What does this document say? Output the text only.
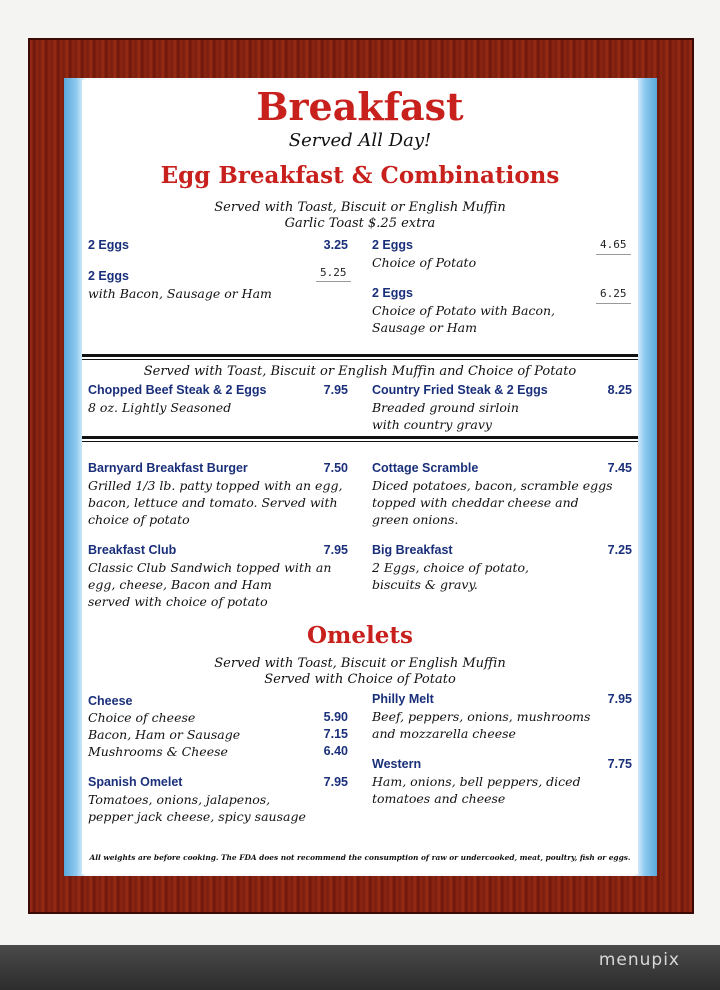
Breakfast
Served All Day!
Egg Breakfast & Combinations
Served with Toast, Biscuit or English Muffin
Garlic Toast $.25 extra
2 Eggs	3.25
2 Eggs	5.25
with Bacon, Sausage or Ham
2 Eggs	4.65
Choice of Potato
2 Eggs	6.25
Choice of Potato with Bacon,
Sausage or Ham
Served with Toast, Biscuit or English Muffin and Choice of Potato
Chopped Beef Steak & 2 Eggs	7.95
8 oz. Lightly Seasoned
Country Fried Steak & 2 Eggs	8.25
Breaded ground sirloin
with country gravy
Barnyard Breakfast Burger	7.50
Grilled 1/3 lb. patty topped with an egg,
bacon, lettuce and tomato. Served with
choice of potato
Cottage Scramble	7.45
Diced potatoes, bacon, scramble eggs
topped with cheddar cheese and
green onions.
Breakfast Club	7.95
Classic Club Sandwich topped with an
egg, cheese, Bacon and Ham
served with choice of potato
Big Breakfast	7.25
2 Eggs, choice of potato,
biscuits & gravy.
Omelets
Served with Toast, Biscuit or English Muffin
Served with Choice of Potato
Cheese
Choice of cheese	5.90
Bacon, Ham or Sausage	7.15
Mushrooms & Cheese	6.40
Spanish Omelet	7.95
Tomatoes, onions, jalapenos,
pepper jack cheese, spicy sausage
Philly Melt	7.95
Beef, peppers, onions, mushrooms
and mozzarella cheese
Western	7.75
Ham, onions, bell peppers, diced
tomatoes and cheese
All weights are before cooking. The FDA does not recommend the consumption of raw or undercooked, meat, poultry, fish or eggs.
menupix
